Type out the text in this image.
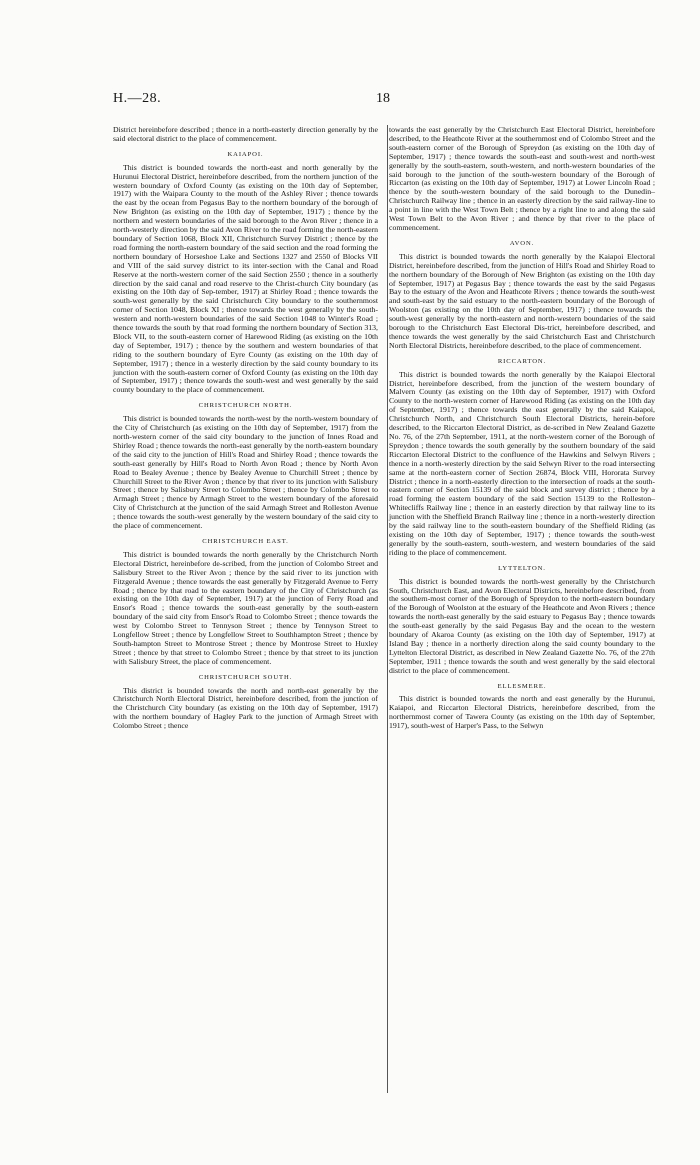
H.—28.	18

District hereinbefore described ; thence in a north-easterly direction generally by the said electoral district to the place of commencement.

KAIAPOI.

This district is bounded towards the north-east and north generally by the Hurunui Electoral District, hereinbefore described, from the northern junction of the western boundary of Oxford County (as existing on the 10th day of September, 1917) with the Waipara County to the mouth of the Ashley River ; thence towards the east by the ocean from Pegasus Bay to the northern boundary of the borough of New Brighton (as existing on the 10th day of September, 1917) ; thence by the northern and western boundaries of the said borough to the Avon River ; thence in a north-westerly direction by the said Avon River to the road forming the north-eastern boundary of Section 1068, Block XII, Christchurch Survey District ; thence by the road forming the north-eastern boundary of the said section and the road forming the northern boundary of Horseshoe Lake and Sections 1327 and 2550 of Blocks VII and VIII of the said survey district to its inter-section with the Canal and Road Reserve at the north-western corner of the said Section 2550 ; thence in a southerly direction by the said canal and road reserve to the Christ-church City boundary (as existing on the 10th day of Sep-tember, 1917) at Shirley Road ; thence towards the south-west generally by the said Christchurch City boundary to the southernmost corner of Section 1048, Block XI ; thence towards the west generally by the south-western and north-western boundaries of the said Section 1048 to Winter's Road ; thence towards the south by that road forming the northern boundary of Section 313, Block VII, to the south-eastern corner of Harewood Riding (as existing on the 10th day of September, 1917) ; thence by the southern and western boundaries of that riding to the southern boundary of Eyre County (as existing on the 10th day of September, 1917) ; thence in a westerly direction by the said county boundary to its junction with the south-eastern corner of Oxford County (as existing on the 10th day of September, 1917) ; thence towards the south-west and west generally by the said county boundary to the place of commencement.

CHRISTCHURCH NORTH.

This district is bounded towards the north-west by the north-western boundary of the City of Christchurch (as existing on the 10th day of September, 1917) from the north-western corner of the said city boundary to the junction of Innes Road and Shirley Road ; thence towards the north-east generally by the north-eastern boundary of the said city to the junction of Hill's Road and Shirley Road ; thence towards the south-east generally by Hill's Road to North Avon Road ; thence by North Avon Road to Bealey Avenue ; thence by Bealey Avenue to Churchill Street ; thence by Churchill Street to the River Avon ; thence by that river to its junction with Salisbury Street ; thence by Salisbury Street to Colombo Street ; thence by Colombo Street to Armagh Street ; thence by Armagh Street to the western boundary of the aforesaid City of Christchurch at the junction of the said Armagh Street and Rolleston Avenue ; thence towards the south-west generally by the western boundary of the said city to the place of commencement.

CHRISTCHURCH EAST.

This district is bounded towards the north generally by the Christchurch North Electoral District, hereinbefore de-scribed, from the junction of Colombo Street and Salisbury Street to the River Avon ; thence by the said river to its junction with Fitzgerald Avenue ; thence towards the east generally by Fitzgerald Avenue to Ferry Road ; thence by that road to the eastern boundary of the City of Christchurch (as existing on the 10th day of September, 1917) at the junction of Ferry Road and Ensor's Road ; thence towards the south-east generally by the south-eastern boundary of the said city from Ensor's Road to Colombo Street ; thence towards the west by Colombo Street to Tennyson Street ; thence by Tennyson Street to Longfellow Street ; thence by Longfellow Street to Southhampton Street ; thence by South-hampton Street to Montrose Street ; thence by Montrose Street to Huxley Street ; thence by that street to Colombo Street ; thence by that street to its junction with Salisbury Street, the place of commencement.

CHRISTCHURCH SOUTH.

This district is bounded towards the north and north-east generally by the Christchurch North Electoral District, hereinbefore described, from the junction of the Christchurch City boundary (as existing on the 10th day of September, 1917) with the northern boundary of Hagley Park to the junction of Armagh Street with Colombo Street ; thence

towards the east generally by the Christchurch East Electoral District, hereinbefore described, to the Heathcote River at the southernmost end of Colombo Street and the south-eastern corner of the Borough of Spreydon (as existing on the 10th day of September, 1917) ; thence towards the south-east and south-west and north-west generally by the south-eastern, south-western, and north-western boundaries of the said borough to the junction of the south-western boundary of the Borough of Riccarton (as existing on the 10th day of September, 1917) at Lower Lincoln Road ; thence by the south-western boundary of the said borough to the Dunedin–Christchurch Railway line ; thence in an easterly direction by the said railway-line to a point in line with the West Town Belt ; thence by a right line to and along the said West Town Belt to the Avon River ; and thence by that river to the place of commencement.

AVON.

This district is bounded towards the north generally by the Kaiapoi Electoral District, hereinbefore described, from the junction of Hill's Road and Shirley Road to the northern boundary of the Borough of New Brighton (as existing on the 10th day of September, 1917) at Pegasus Bay ; thence towards the east by the said Pegasus Bay to the estuary of the Avon and Heathcote Rivers ; thence towards the south-west and south-east by the said estuary to the north-eastern boundary of the Borough of Woolston (as existing on the 10th day of September, 1917) ; thence towards the south-west generally by the north-eastern and north-western boundaries of the said borough to the Christchurch East Electoral Dis-trict, hereinbefore described, and thence towards the west generally by the said Christchurch East and Christchurch North Electoral Districts, hereinbefore described, to the place of commencement.

RICCARTON.

This district is bounded towards the north generally by the Kaiapoi Electoral District, hereinbefore described, from the junction of the western boundary of Malvern County (as existing on the 10th day of September, 1917) with Oxford County to the north-western corner of Harewood Riding (as existing on the 10th day of September, 1917) ; thence towards the east generally by the said Kaiapoi, Christchurch North, and Christchurch South Electoral Districts, herein-before described, to the Riccarton Electoral District, as de-scribed in New Zealand Gazette No. 76, of the 27th September, 1911, at the north-western corner of the Borough of Spreydon ; thence towards the south generally by the southern boundary of the said Riccarton Electoral District to the confluence of the Hawkins and Selwyn Rivers ; thence in a north-westerly direction by the said Selwyn River to the road intersecting same at the north-eastern corner of Section 26874, Block VIII, Hororata Survey District ; thence in a north-easterly direction to the intersection of roads at the south-eastern corner of Section 15139 of the said block and survey district ; thence by a road forming the eastern boundary of the said Section 15139 to the Rolleston–Whitecliffs Railway line ; thence in an easterly direction by that railway line to its junction with the Sheffield Branch Railway line ; thence in a north-westerly direction by the said railway line to the south-eastern boundary of the Sheffield Riding (as existing on the 10th day of September, 1917) ; thence towards the south-west generally by the south-eastern, south-western, and western boundaries of the said riding to the place of commencement.

LYTTELTON.

This district is bounded towards the north-west generally by the Christchurch South, Christchurch East, and Avon Electoral Districts, hereinbefore described, from the southern-most corner of the Borough of Spreydon to the north-eastern boundary of the Borough of Woolston at the estuary of the Heathcote and Avon Rivers ; thence towards the north-east generally by the said estuary to Pegasus Bay ; thence towards the south-east generally by the said Pegasus Bay and the ocean to the western boundary of Akaroa County (as existing on the 10th day of September, 1917) at Island Bay ; thence in a northerly direction along the said county boundary to the Lyttelton Electoral District, as described in New Zealand Gazette No. 76, of the 27th September, 1911 ; thence towards the south and west generally by the said electoral district to the place of commencement.

ELLESMERE.

This district is bounded towards the north and east generally by the Hurunui, Kaiapoi, and Riccarton Electoral Districts, hereinbefore described, from the northernmost corner of Tawera County (as existing on the 10th day of September, 1917), south-west of Harper's Pass, to the Selwyn
